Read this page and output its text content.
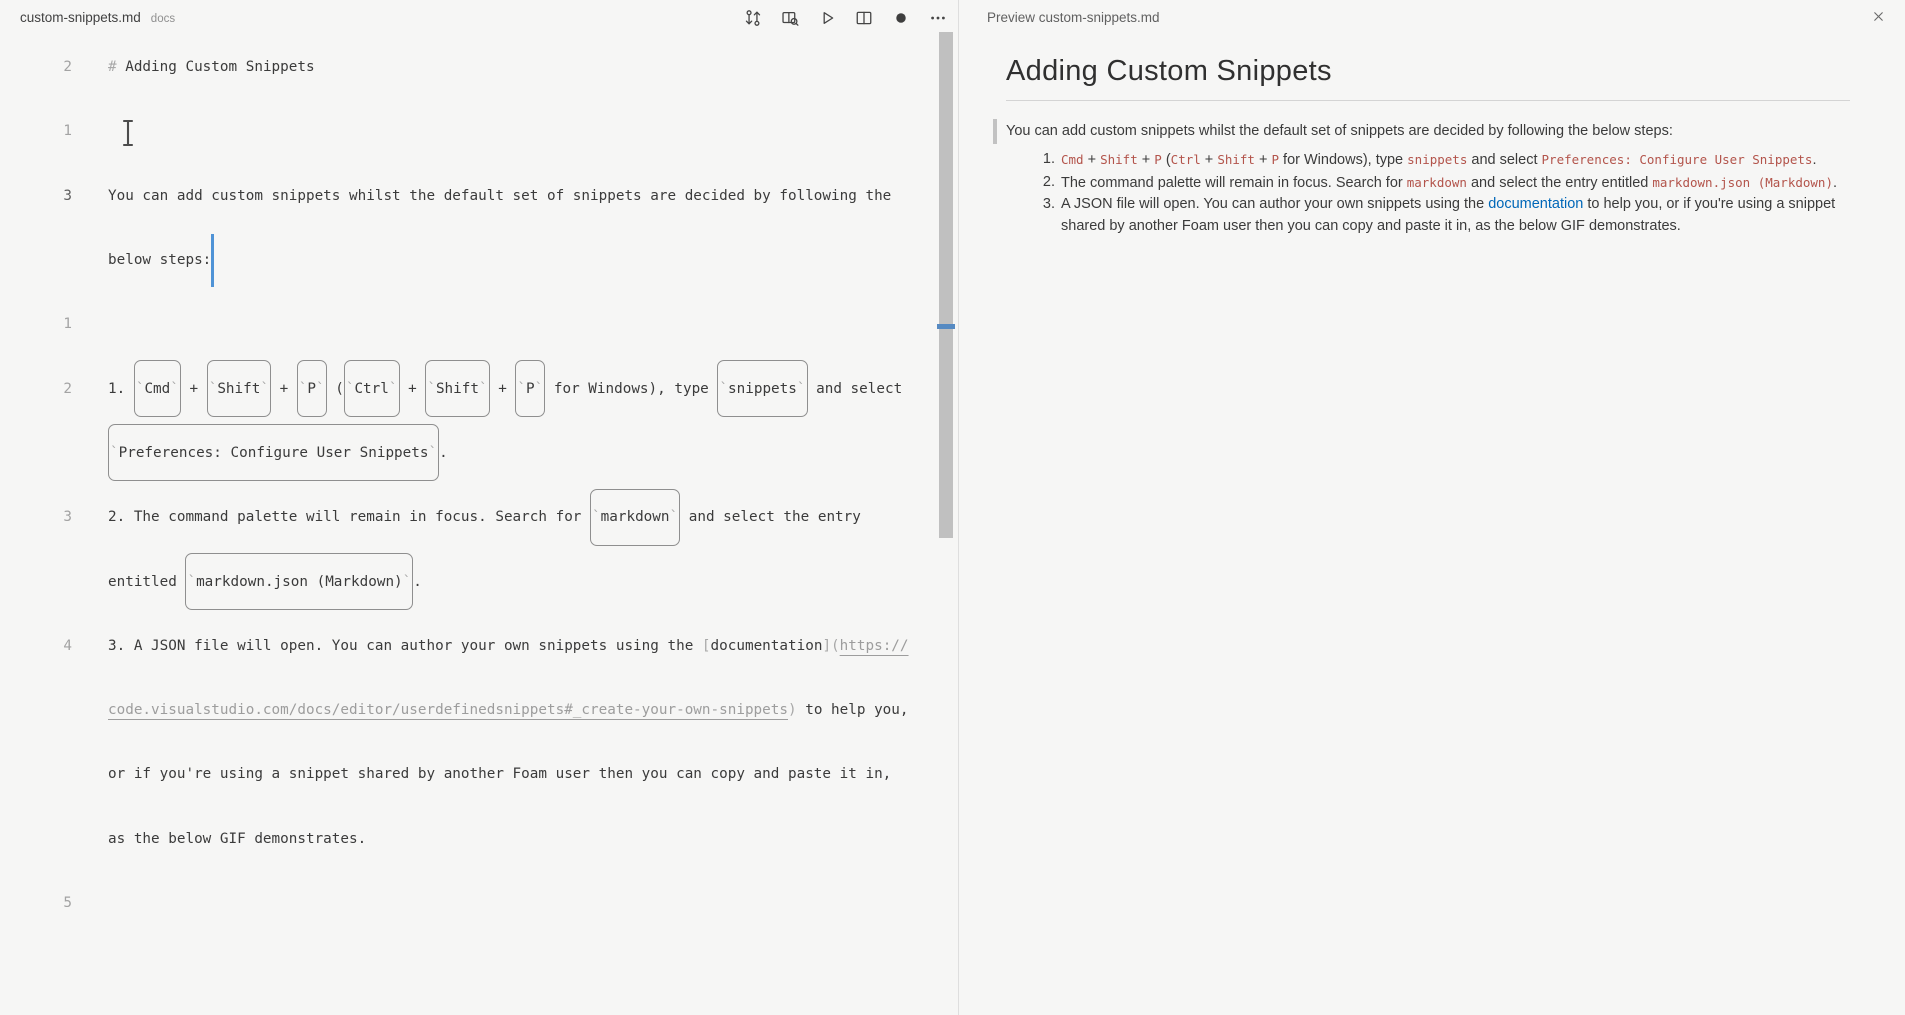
custom-snippets.md docs
2	# Adding Custom Snippets
1
3	You can add custom snippets whilst the default set of snippets are decided by following the
below steps:
1
2	1. ` Cmd ` + ` Shift ` + ` P ` ( ` Ctrl ` + ` Shift ` + ` P ` for Windows), type ` snippets ` and select
` Preferences: Configure User Snippets ` .
3	2. The command palette will remain in focus. Search for ` markdown ` and select the entry
entitled ` markdown.json (Markdown) ` .
4	3. A JSON file will open. You can author your own snippets using the [ documentation ]( https://
code.visualstudio.com/docs/editor/userdefinedsnippets#_create-your-own-snippets ) to help you,
or if you're using a snippet shared by another Foam user then you can copy and paste it in,
as the below GIF demonstrates.
5
Preview custom-snippets.md
Adding Custom Snippets

You can add custom snippets whilst the default set of snippets are decided by following the below steps:

1. Cmd + Shift + P (Ctrl + Shift + P for Windows), type snippets and select Preferences: Configure User Snippets.
2. The command palette will remain in focus. Search for markdown and select the entry entitled markdown.json (Markdown).
3. A JSON file will open. You can author your own snippets using the documentation to help you, or if you're using a snippet shared by another Foam user then you can copy and paste it in, as the below GIF demonstrates.
